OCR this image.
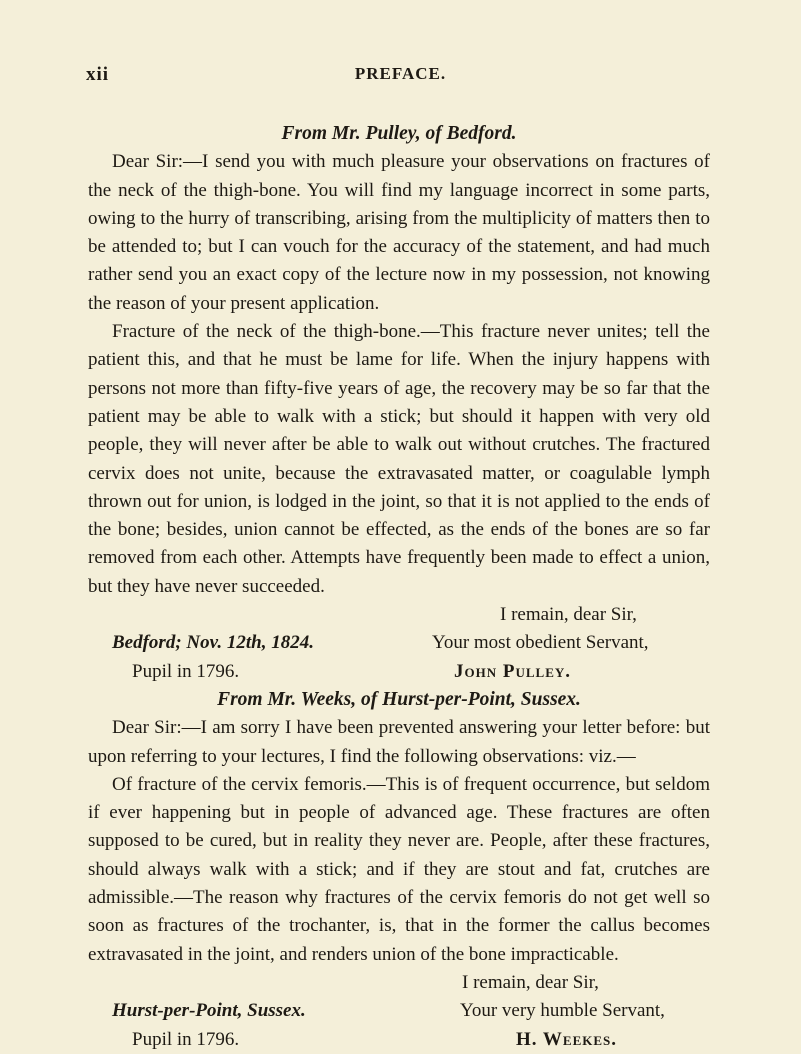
xii	PREFACE.
From Mr. Pulley, of Bedford.

Dear Sir:—I send you with much pleasure your observations on fractures of the neck of the thigh-bone. You will find my language incorrect in some parts, owing to the hurry of transcribing, arising from the multiplicity of matters then to be attended to; but I can vouch for the accuracy of the statement, and had much rather send you an exact copy of the lecture now in my possession, not knowing the reason of your present application.

Fracture of the neck of the thigh-bone.—This fracture never unites; tell the patient this, and that he must be lame for life. When the injury happens with persons not more than fifty-five years of age, the recovery may be so far that the patient may be able to walk with a stick; but should it happen with very old people, they will never after be able to walk out without crutches. The fractured cervix does not unite, because the extravasated matter, or coagulable lymph thrown out for union, is lodged in the joint, so that it is not applied to the ends of the bone; besides, union cannot be effected, as the ends of the bones are so far removed from each other. Attempts have frequently been made to effect a union, but they have never succeeded.

I remain, dear Sir,
Bedford; Nov. 12th, 1824.	Your most obedient Servant,
Pupil in 1796.	John Pulley.
From Mr. Weeks, of Hurst-per-Point, Sussex.

Dear Sir:—I am sorry I have been prevented answering your letter before: but upon referring to your lectures, I find the following observations: viz.—

Of fracture of the cervix femoris.—This is of frequent occurrence, but seldom if ever happening but in people of advanced age. These fractures are often supposed to be cured, but in reality they never are. People, after these fractures, should always walk with a stick; and if they are stout and fat, crutches are admissible.—The reason why fractures of the cervix femoris do not get well so soon as fractures of the trochanter, is, that in the former the callus becomes extravasated in the joint, and renders union of the bone impracticable.

I remain, dear Sir,
Hurst-per-Point, Sussex.	Your very humble Servant,
Pupil in 1796.	H. Weekes.
